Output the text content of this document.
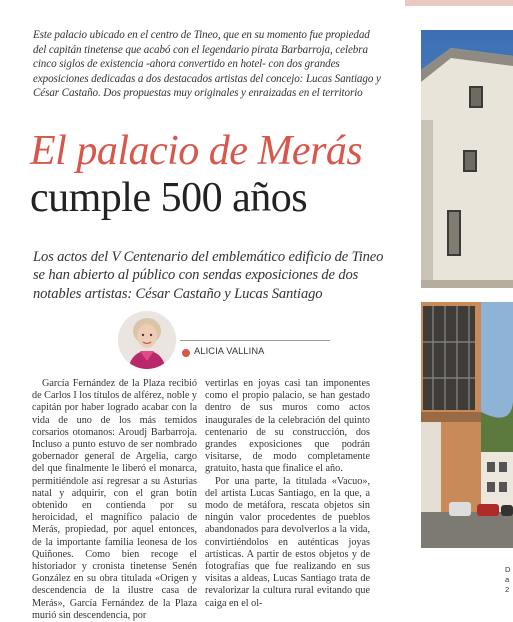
Este palacio ubicado en el centro de Tineo, que en su momento fue propiedad del capitán tinetense que acabó con el legendario pirata Barbarroja, celebra cinco siglos de existencia -ahora convertido en hotel- con dos grandes exposiciones dedicadas a dos destacados artistas del concejo: Lucas Santiago y César Castaño. Dos propuestas muy originales y enraizadas en el territorio
El palacio de Merás
cumple 500 años
Los actos del V Centenario del emblemático edificio de Tineo se han abierto al público con sendas exposiciones de dos notables artistas: César Castaño y Lucas Santiago
ALICIA VALLINA

García Fernández de la Plaza recibió de Carlos I los títulos de alférez, noble y capitán por haber logrado acabar con la vida de uno de los más temidos corsarios otomanos: Aroudj Barbarroja. Incluso a punto estuvo de ser nombrado gobernador general de Argelia, cargo del que finalmente le liberó el monarca, permitiéndole así regresar a su Asturias natal y adquirir, con el gran botín obtenido en contienda por su heroicidad, el magnífico palacio de Merás, propiedad, por aquel entonces, de la importante familia leonesa de los Quiñones. Como bien recoge el historiador y cronista tinetense Senén González en su obra titulada «Origen y descendencia de la ilustre casa de Merás», García Fernández de la Plaza murió sin descendencia, por

vertirlas en joyas casi tan imponentes como el propio palacio, se han gestado dentro de sus muros como actos inaugurales de la celebración del quinto centenario de su construcción, dos grandes exposiciones que podrán visitarse, de modo completamente gratuito, hasta que finalice el año.

Por una parte, la titulada «Vacuo», del artista Lucas Santiago, en la que, a modo de metáfora, rescata objetos sin ningún valor procedentes de pueblos abandonados para devolverlos a la vida, convirtiéndolos en auténticas joyas artísticas. A partir de estos objetos y de fotografías que fue realizando en sus visitas a aldeas, Lucas Santiago trata de revalorizar la cultura rural evitando que caiga en el ol-

D a 2
